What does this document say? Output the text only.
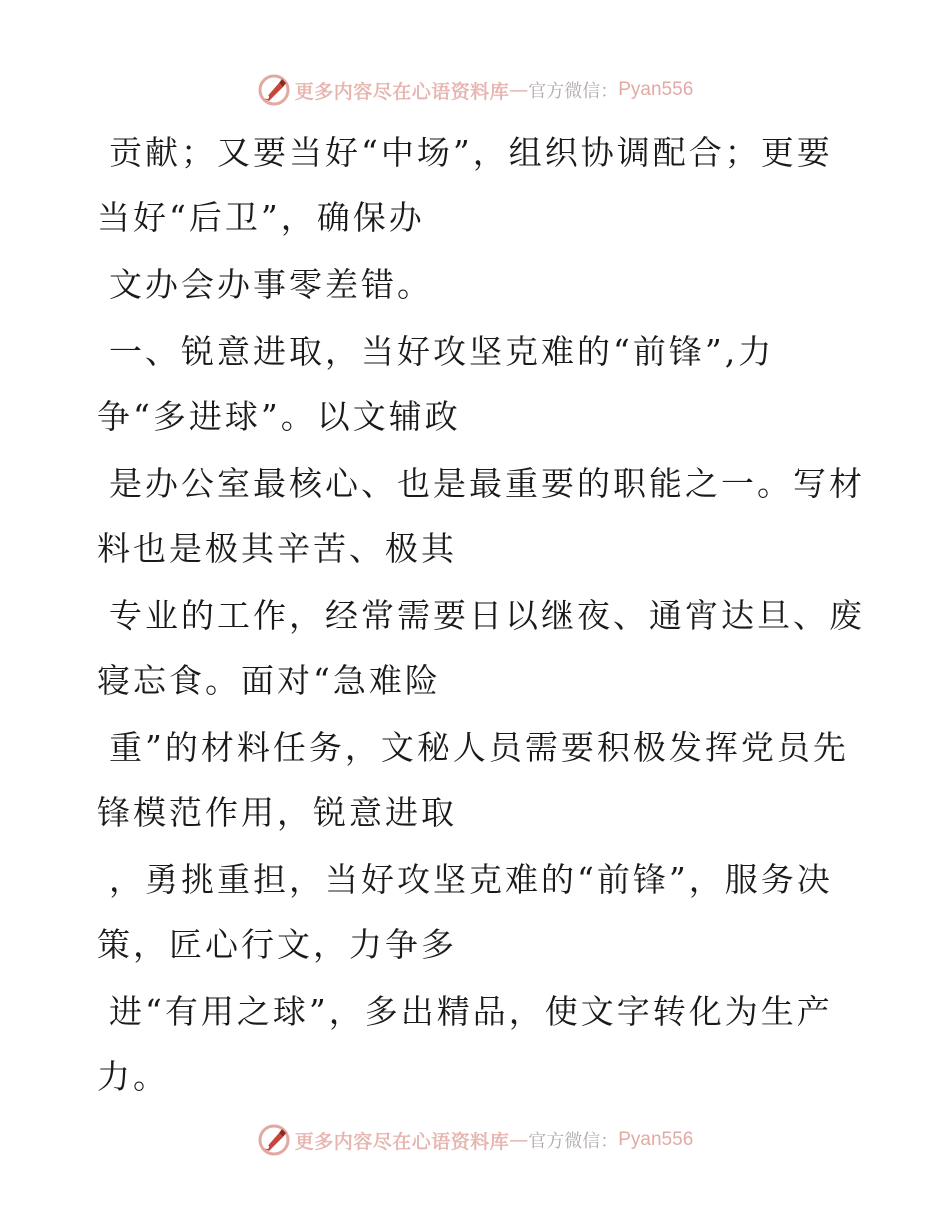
更多内容尽在心语资料库 — 官方微信： Pyan556

贡献；又要当好“中场”，组织协调配合；更要
当好“后卫”，确保办

文办会办事零差错。

一、锐意进取，当好攻坚克难的“前锋”,力
争“多进球”。以文辅政

是办公室最核心、也是最重要的职能之一。写材
料也是极其辛苦、极其

专业的工作，经常需要日以继夜、通宵达旦、废
寝忘食。面对“急难险

重”的材料任务，文秘人员需要积极发挥党员先
锋模范作用，锐意进取

，勇挑重担，当好攻坚克难的“前锋”，服务决
策，匠心行文，力争多

进“有用之球”，多出精品，使文字转化为生产
力。

更多内容尽在心语资料库 — 官方微信： Pyan556
